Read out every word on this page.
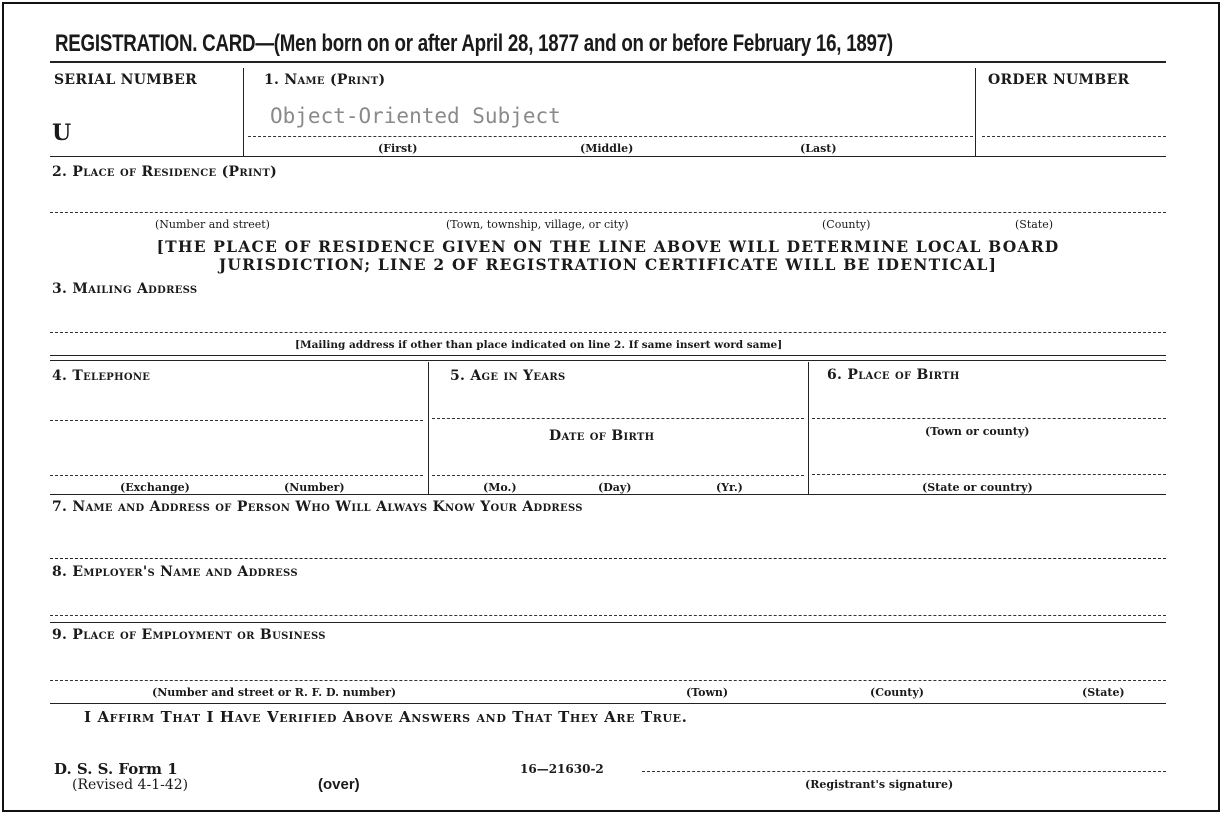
REGISTRATION. CARD—(Men born on or after April 28, 1877 and on or before February 16, 1897)
SERIAL NUMBER
U
1. Name (Print)
Object-Oriented Subject
(First)	(Middle)	(Last)
ORDER NUMBER
2. Place of Residence (Print)
(Number and street)	(Town, township, village, or city)	(County)	(State)
[THE PLACE OF RESIDENCE GIVEN ON THE LINE ABOVE WILL DETERMINE LOCAL BOARD
JURISDICTION; LINE 2 OF REGISTRATION CERTIFICATE WILL BE IDENTICAL]
3. Mailing Address
[Mailing address if other than place indicated on line 2. If same insert word same]
4. Telephone
(Exchange)	(Number)
5. Age in Years
Date of Birth
(Mo.)	(Day)	(Yr.)
6. Place of Birth
(Town or county)
(State or country)
7. Name and Address of Person Who Will Always Know Your Address
8. Employer's Name and Address
9. Place of Employment or Business
(Number and street or R. F. D. number)	(Town)	(County)	(State)
I Affirm That I Have Verified Above Answers and That They Are True.
D. S. S. Form 1
(Revised 4-1-42)	(over)
16—21630-2
(Registrant's signature)
